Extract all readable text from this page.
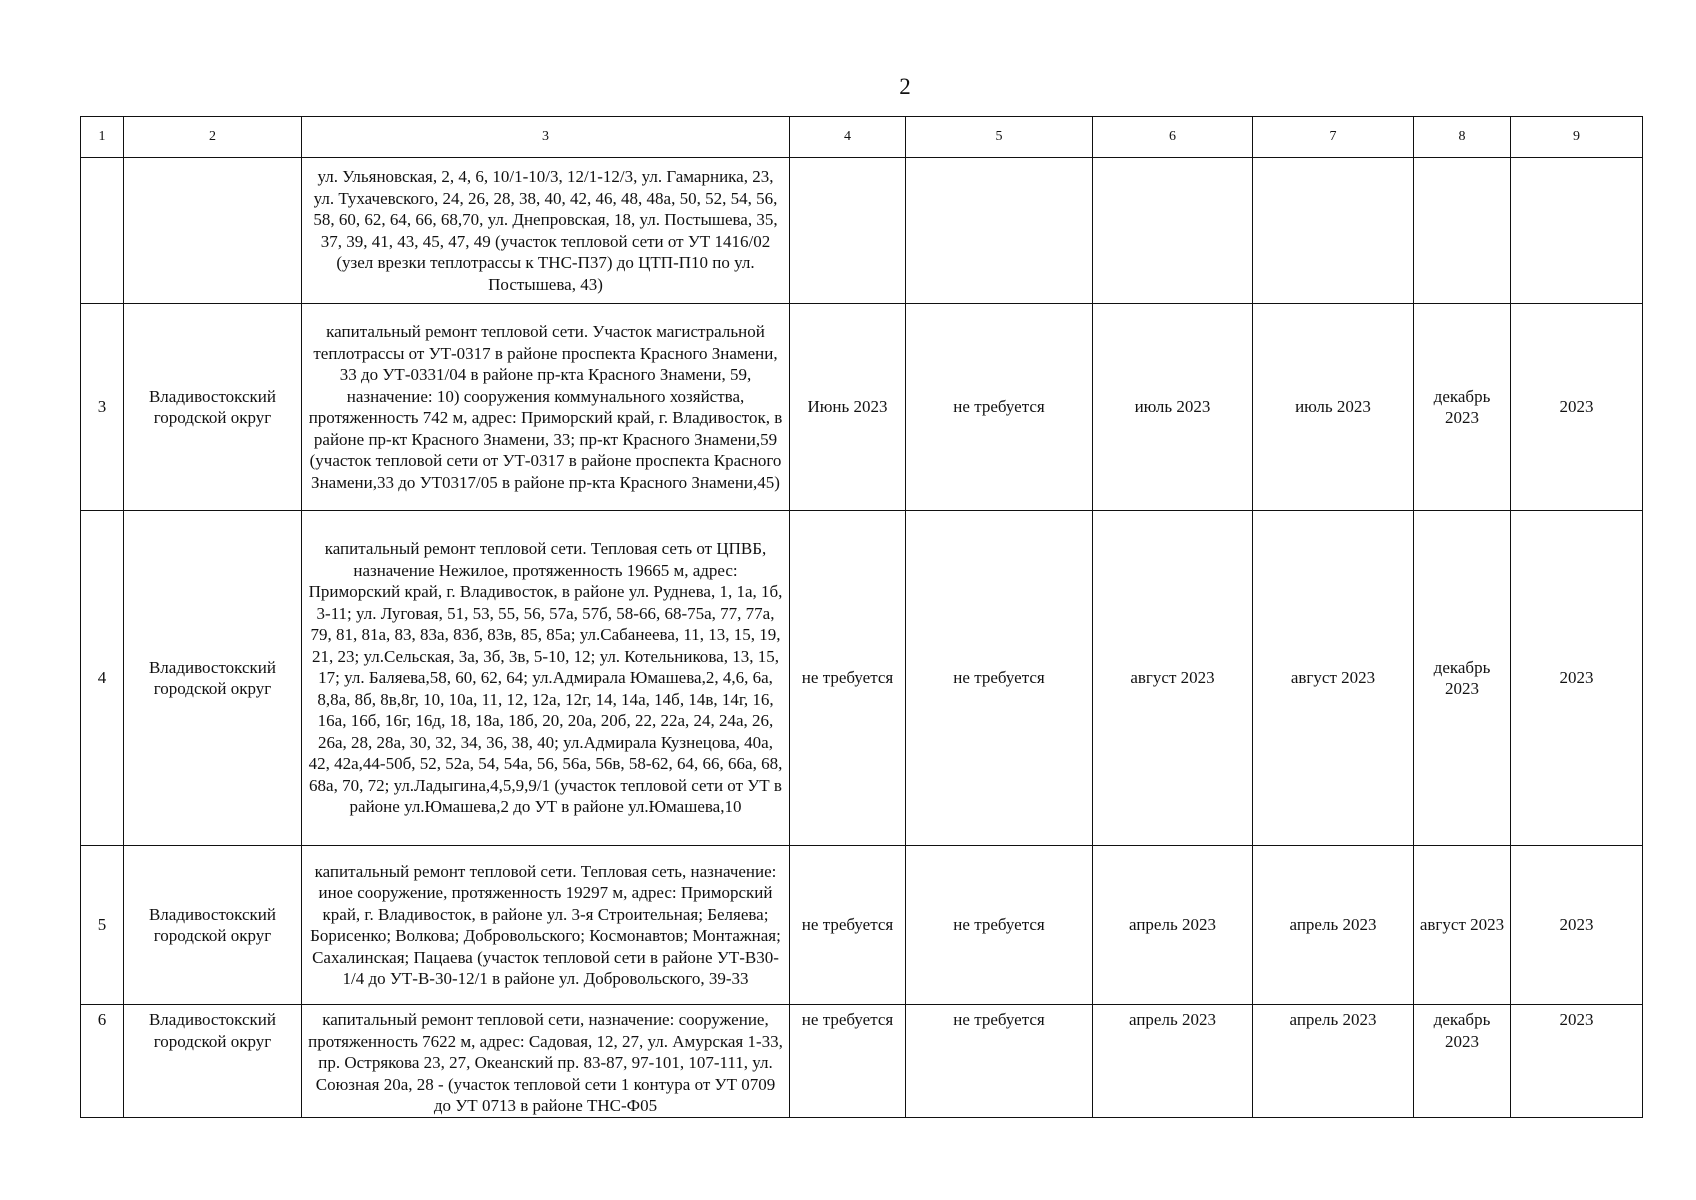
2
1	2	3	4	5	6	7	8	9
		ул. Ульяновская, 2, 4, 6, 10/1-10/3, 12/1-12/3, ул. Гамарника, 23, ул. Тухачевского, 24, 26, 28, 38, 40, 42, 46, 48, 48а, 50, 52, 54, 56, 58, 60, 62, 64, 66, 68,70, ул. Днепровская, 18, ул. Постышева, 35, 37, 39, 41, 43, 45, 47, 49 (участок тепловой сети от УТ 1416/02 (узел врезки теплотрассы к ТНС-П37) до ЦТП-П10 по ул. Постышева, 43)						
3	Владивостокский городской округ	капитальный ремонт тепловой сети. Участок магистральной теплотрассы от УТ-0317 в районе проспекта Красного Знамени, 33 до УТ-0331/04 в районе пр-кта Красного Знамени, 59, назначение: 10) сооружения коммунального хозяйства, протяженность 742 м, адрес: Приморский край, г. Владивосток, в районе пр-кт Красного Знамени, 33; пр-кт Красного Знамени,59 (участок тепловой сети от УТ-0317 в районе проспекта Красного Знамени,33 до УТ0317/05 в районе пр-кта Красного Знамени,45)	Июнь 2023	не требуется	июль 2023	июль 2023	декабрь 2023	2023
4	Владивостокский городской округ	капитальный ремонт тепловой сети. Тепловая сеть от ЦПВБ, назначение Нежилое, протяженность 19665 м, адрес: Приморский край, г. Владивосток, в районе ул. Руднева, 1, 1а, 1б, 3-11; ул. Луговая, 51, 53, 55, 56, 57а, 57б, 58-66, 68-75а, 77, 77а, 79, 81, 81а, 83, 83а, 83б, 83в, 85, 85а; ул.Сабанеева, 11, 13, 15, 19, 21, 23; ул.Сельская, 3а, 3б, 3в, 5-10, 12; ул. Котельникова, 13, 15, 17; ул. Баляева,58, 60, 62, 64; ул.Адмирала Юмашева,2, 4,6, 6а, 8,8а, 8б, 8в,8г, 10, 10а, 11, 12, 12а, 12г, 14, 14а, 14б, 14в, 14г, 16, 16а, 16б, 16г, 16д, 18, 18а, 18б, 20, 20а, 20б, 22, 22а, 24, 24а, 26, 26а, 28, 28а, 30, 32, 34, 36, 38, 40; ул.Адмирала Кузнецова, 40а, 42, 42а,44-50б, 52, 52а, 54, 54а, 56, 56а, 56в, 58-62, 64, 66, 66а, 68, 68а, 70, 72; ул.Ладыгина,4,5,9,9/1 (участок тепловой сети от УТ в районе ул.Юмашева,2 до УТ в районе ул.Юмашева,10	не требуется	не требуется	август 2023	август 2023	декабрь 2023	2023
5	Владивостокский городской округ	капитальный ремонт тепловой сети. Тепловая сеть, назначение: иное сооружение, протяженность 19297 м, адрес: Приморский край, г. Владивосток, в районе ул. 3-я Строительная; Беляева; Борисенко; Волкова; Добровольского; Космонавтов; Монтажная; Сахалинская; Пацаева (участок тепловой сети в районе УТ-В30-1/4 до УТ-В-30-12/1 в районе ул. Добровольского, 39-33	не требуется	не требуется	апрель 2023	апрель 2023	август 2023	2023
6	Владивостокский городской округ	капитальный ремонт тепловой сети, назначение: сооружение, протяженность 7622 м, адрес: Садовая, 12, 27, ул. Амурская 1-33, пр. Острякова 23, 27, Океанский пр. 83-87, 97-101, 107-111, ул. Союзная 20а, 28 - (участок тепловой сети 1 контура от УТ 0709 до УТ 0713 в районе ТНС-Ф05	не требуется	не требуется	апрель 2023	апрель 2023	декабрь 2023	2023
